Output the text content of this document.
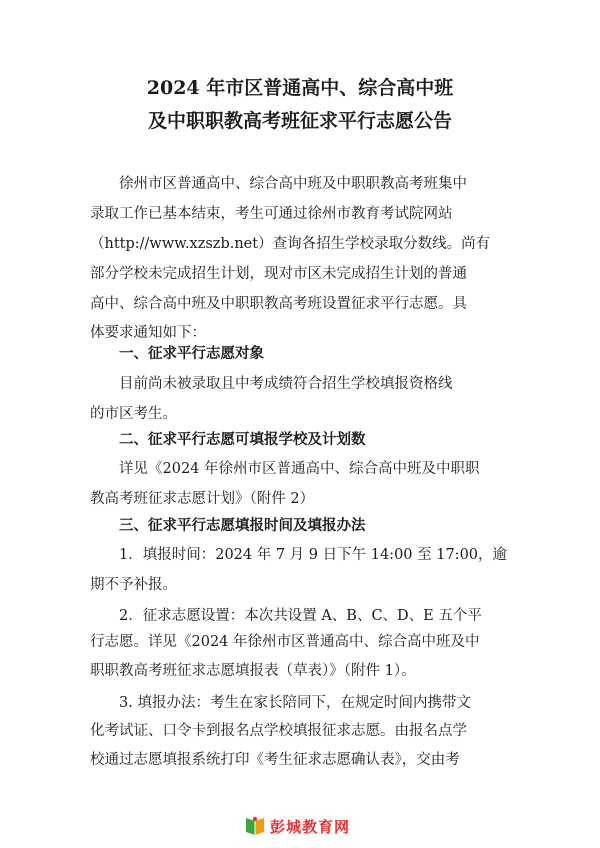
2024 年市区普通高中、综合高中班
及中职职教高考班征求平行志愿公告
徐州市区普通高中、综合高中班及中职职教高考班集中
录取工作已基本结束，考生可通过徐州市教育考试院网站
（http://www.xzszb.net）查询各招生学校录取分数线。尚有
部分学校未完成招生计划，现对市区未完成招生计划的普通
高中、综合高中班及中职职教高考班设置征求平行志愿。具
体要求通知如下：
一、征求平行志愿对象
目前尚未被录取且中考成绩符合招生学校填报资格线
的市区考生。
二、征求平行志愿可填报学校及计划数
详见《2024 年徐州市区普通高中、综合高中班及中职职
教高考班征求志愿计划》（附件 2）
三、征求平行志愿填报时间及填报办法
1．填报时间：2024 年 7 月 9 日下午 14:00 至 17:00，逾
期不予补报。
2．征求志愿设置：本次共设置 A、B、C、D、E 五个平
行志愿。详见《2024 年徐州市区普通高中、综合高中班及中
职职教高考班征求志愿填报表（草表）》（附件 1）。
3. 填报办法：考生在家长陪同下，在规定时间内携带文
化考试证、口令卡到报名点学校填报征求志愿。由报名点学
校通过志愿填报系统打印《考生征求志愿确认表》，交由考
彭城教育网
